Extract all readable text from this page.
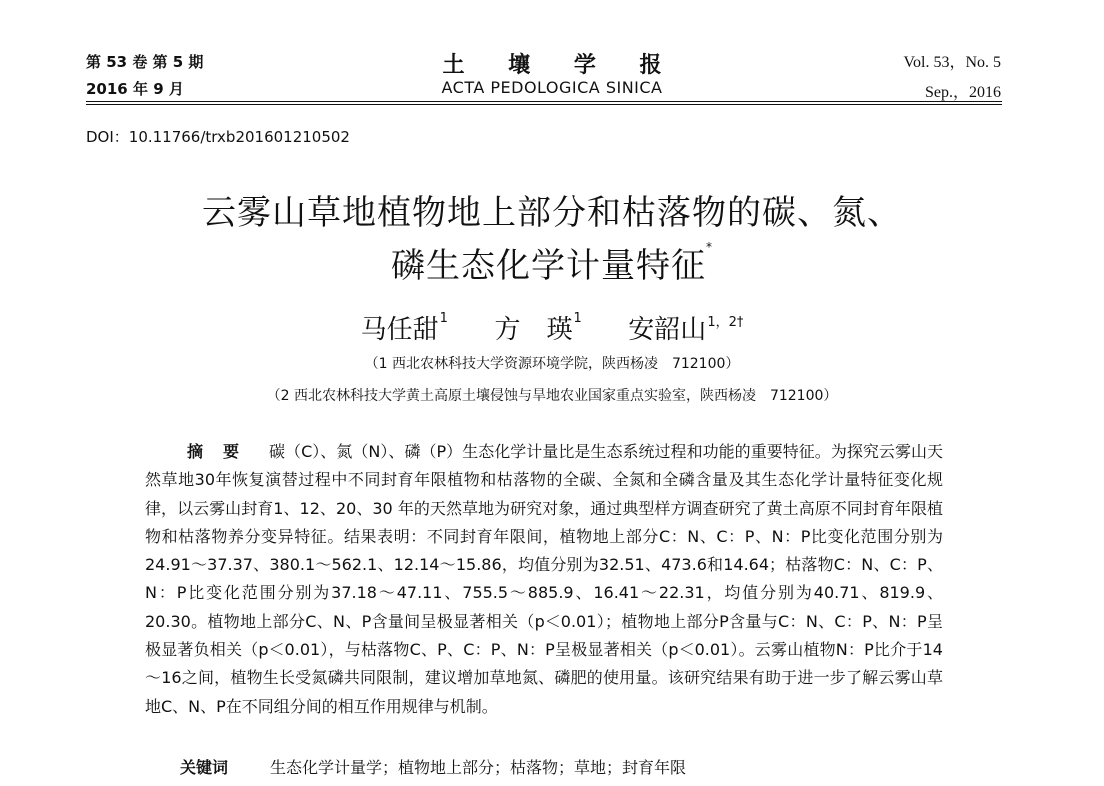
第 53 卷 第 5 期
2016 年 9 月
土 壤 学 报
ACTA PEDOLOGICA SINICA
Vol. 53，No. 5
Sep.，2016
DOI：10.11766/trxb201601210502
云雾山草地植物地上部分和枯落物的碳、氮、
磷生态化学计量特征*
马任甜$^1$ 方　瑛$^1$ 安韶山$^{1,2\dagger}$
（1 西北农林科技大学资源环境学院，陕西杨凌　712100）
（2 西北农林科技大学黄土高原土壤侵蚀与旱地农业国家重点实验室，陕西杨凌　712100）
摘要 碳（C）、氮（N）、磷（P）生态化学计量比是生态系统过程和功能的重要特征。为探究云雾山天然草地30年恢复演替过程中不同封育年限植物和枯落物的全碳、全氮和全磷含量及其生态化学计量特征变化规律，以云雾山封育1、12、20、30 年的天然草地为研究对象，通过典型样方调查研究了黄土高原不同封育年限植物和枯落物养分变异特征。结果表明：不同封育年限间，植物地上部分C：N、C：P、N：P比变化范围分别为24.91～37.37、380.1～562.1、12.14～15.86，均值分别为32.51、473.6和14.64；枯落物C：N、C：P、N：P比变化范围分别为37.18～47.11、755.5～885.9、16.41～22.31，均值分别为40.71、819.9、20.30。植物地上部分C、N、P含量间呈极显著相关（p＜0.01）；植物地上部分P含量与C：N、C：P、N：P呈极显著负相关（p＜0.01），与枯落物C、P、C：P、N：P呈极显著相关（p＜0.01）。云雾山植物N：P比介于14～16之间，植物生长受氮磷共同限制，建议增加草地氮、磷肥的使用量。该研究结果有助于进一步了解云雾山草地C、N、P在不同组分间的相互作用规律与机制。
关键词	生态化学计量学；植物地上部分；枯落物；草地；封育年限
